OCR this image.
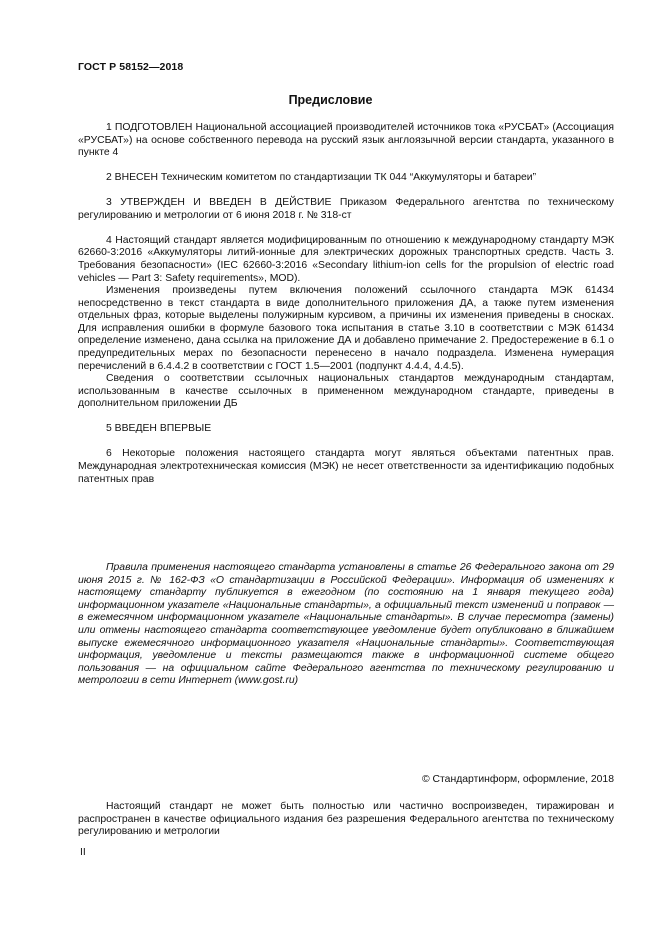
ГОСТ Р 58152—2018
Предисловие

1 ПОДГОТОВЛЕН Национальной ассоциацией производителей источников тока «РУСБАТ» (Ассоциация «РУСБАТ») на основе собственного перевода на русский язык англоязычной версии стандарта, указанного в пункте 4

2 ВНЕСЕН Техническим комитетом по стандартизации ТК 044 “Аккумуляторы и батареи”

3 УТВЕРЖДЕН И ВВЕДЕН В ДЕЙСТВИЕ Приказом Федерального агентства по техническому регулированию и метрологии от 6 июня 2018 г. № 318-ст

4 Настоящий стандарт является модифицированным по отношению к международному стандарту МЭК 62660-3:2016 «Аккумуляторы литий-ионные для электрических дорожных транспортных средств. Часть 3. Требования безопасности» (IEC 62660-3:2016 «Secondary lithium-ion cells for the propulsion of electric road vehicles — Part 3: Safety requirements», MOD).

Изменения произведены путем включения положений ссылочного стандарта МЭК 61434 непосредственно в текст стандарта в виде дополнительного приложения ДА, а также путем изменения отдельных фраз, которые выделены полужирным курсивом, а причины их изменения приведены в сносках. Для исправления ошибки в формуле базового тока испытания в статье 3.10 в соответствии с МЭК 61434 определение изменено, дана ссылка на приложение ДА и добавлено примечание 2. Предостережение в 6.1 о предупредительных мерах по безопасности перенесено в начало подраздела. Изменена нумерация перечислений в 6.4.4.2 в соответствии с ГОСТ 1.5—2001 (подпункт 4.4.4, 4.4.5).

Сведения о соответствии ссылочных национальных стандартов международным стандартам, использованным в качестве ссылочных в примененном международном стандарте, приведены в дополнительном приложении ДБ

5 ВВЕДЕН ВПЕРВЫЕ

6 Некоторые положения настоящего стандарта могут являться объектами патентных прав. Международная электротехническая комиссия (МЭК) не несет ответственности за идентификацию подобных патентных прав

Правила применения настоящего стандарта установлены в статье 26 Федерального закона от 29 июня 2015 г. № 162-ФЗ «О стандартизации в Российской Федерации». Информация об изменениях к настоящему стандарту публикуется в ежегодном (по состоянию на 1 января текущего года) информационном указателе «Национальные стандарты», а официальный текст изменений и поправок — в ежемесячном информационном указателе «Национальные стандарты». В случае пересмотра (замены) или отмены настоящего стандарта соответствующее уведомление будет опубликовано в ближайшем выпуске ежемесячного информационного указателя «Национальные стандарты». Соответствующая информация, уведомление и тексты размещаются также в информационной системе общего пользования — на официальном сайте Федерального агентства по техническому регулированию и метрологии в сети Интернет (www.gost.ru)

© Стандартинформ, оформление, 2018

Настоящий стандарт не может быть полностью или частично воспроизведен, тиражирован и распространен в качестве официального издания без разрешения Федерального агентства по техническому регулированию и метрологии

II
